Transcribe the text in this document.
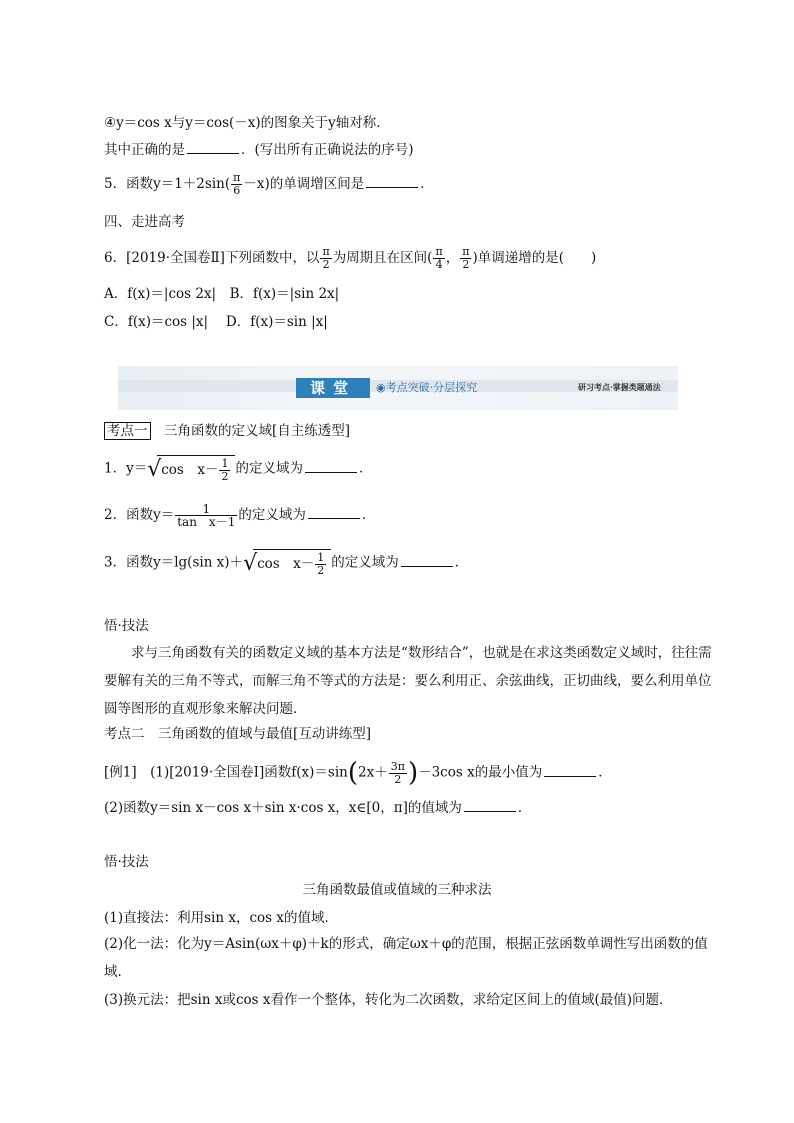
④y＝cos x与y＝cos(－x)的图象关于y轴对称．
其中正确的是	．(写出所有正确说法的序号)
5．函数$y=1+2\sin( \frac{\pi}{6} -x)$的单调增区间是	．
四、走进高考
6．[2019·全国卷Ⅱ]下列函数中，以 $\frac{\pi}{2}$ 为周期且在区间( $\frac{\pi}{4}$ ， $\frac{\pi}{2}$ )单调递增的是(　　)
A．f(x)＝|cos 2x|　B．f(x)＝|sin 2x|
C．f(x)＝cos |x|　 D．f(x)＝sin |x|
课堂	◉考点突破·分层探究	研习考点·掌握类题通法
考点一　 三角函数的定义域[自主练透型]
1．y＝ √ cos　$x- \frac{1}{2}$ 的定义域为	．
2．函数$y= \frac{1}{\text{tan　x－1}}$ 的定义域为	．
3．函数y＝lg(sin x)＋ √ cos　$x- \frac{1}{2}$ 的定义域为	．
悟·技法
求与三角函数有关的函数定义域的基本方法是“数形结合”，也就是在求这类函数定义域时，往往需要解有关的三角不等式，而解三角不等式的方法是：要么利用正、余弦曲线，正切曲线，要么利用单位圆等图形的直观形象来解决问题．
考点二　三角函数的值域与最值[互动讲练型]
[例1]　(1)[2019·全国卷Ⅰ]函数$f(x)=\sin(2x+ \frac{3\pi}{2} )-3\cos$ x的最小值为	．
(2)函数y＝sin x－cos x＋sin x·cos x，x∈[0，π]的值域为	．
悟·技法
三角函数最值或值域的三种求法
(1)直接法：利用sin x，cos x的值域．
(2)化一法：化为y＝Asin(ωx＋φ)＋k的形式，确定ωx＋φ的范围，根据正弦函数单调性写出函数的值域．
(3)换元法：把sin x或cos x看作一个整体，转化为二次函数，求给定区间上的值域(最值)问题．
